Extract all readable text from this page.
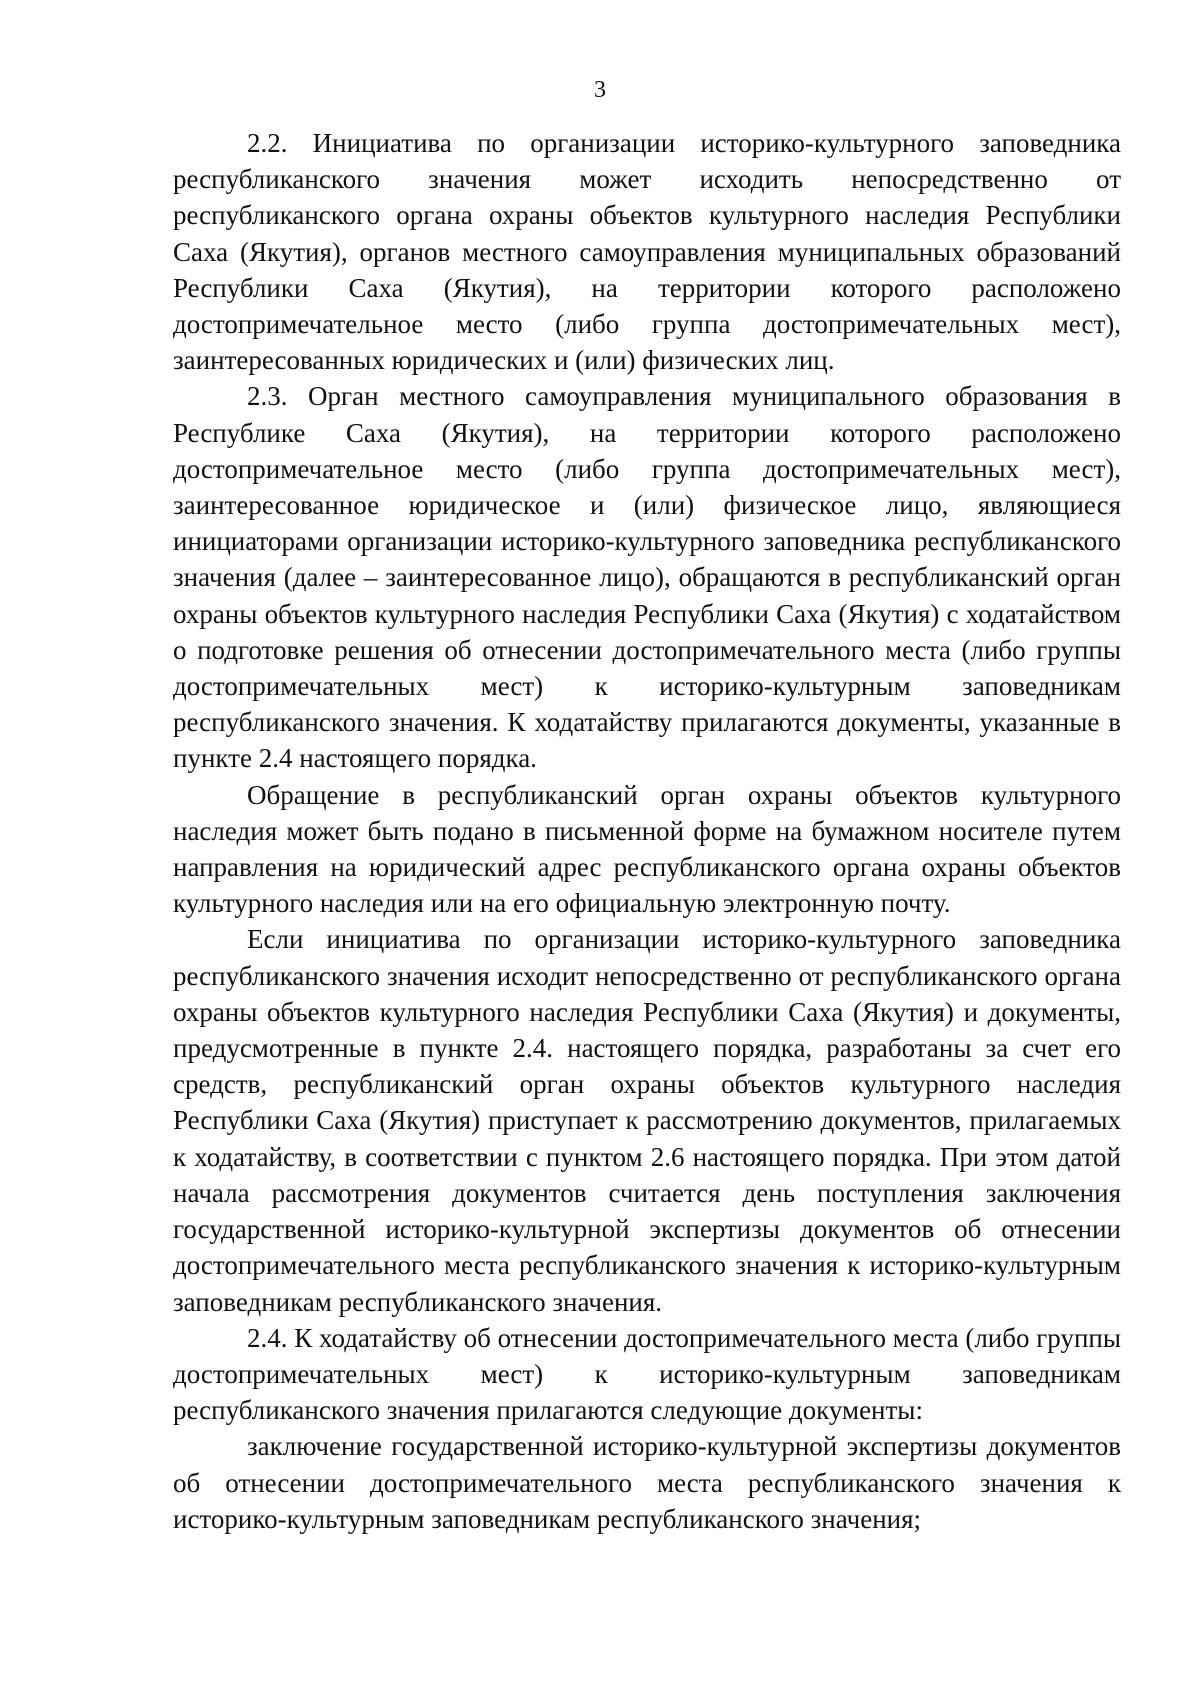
3

2.2. Инициатива по организации историко-культурного заповедника республиканского значения может исходить непосредственно от республиканского органа охраны объектов культурного наследия Республики Саха (Якутия), органов местного самоуправления муниципальных образований Республики Саха (Якутия), на территории которого расположено достопримечательное место (либо группа достопримечательных мест), заинтересованных юридических и (или) физических лиц.

2.3. Орган местного самоуправления муниципального образования в Республике Саха (Якутия), на территории которого расположено достопримечательное место (либо группа достопримечательных мест), заинтересованное юридическое и (или) физическое лицо, являющиеся инициаторами организации историко-культурного заповедника республиканского значения (далее – заинтересованное лицо), обращаются в республиканский орган охраны объектов культурного наследия Республики Саха (Якутия) с ходатайством о подготовке решения об отнесении достопримечательного места (либо группы достопримечательных мест) к историко-культурным заповедникам республиканского значения. К ходатайству прилагаются документы, указанные в пункте 2.4 настоящего порядка.

Обращение в республиканский орган охраны объектов культурного наследия может быть подано в письменной форме на бумажном носителе путем направления на юридический адрес республиканского органа охраны объектов культурного наследия или на его официальную электронную почту.

Если инициатива по организации историко-культурного заповедника республиканского значения исходит непосредственно от республиканского органа охраны объектов культурного наследия Республики Саха (Якутия) и документы, предусмотренные в пункте 2.4. настоящего порядка, разработаны за счет его средств, республиканский орган охраны объектов культурного наследия Республики Саха (Якутия) приступает к рассмотрению документов, прилагаемых к ходатайству, в соответствии с пунктом 2.6 настоящего порядка. При этом датой начала рассмотрения документов считается день поступления заключения государственной историко-культурной экспертизы документов об отнесении достопримечательного места республиканского значения к историко-культурным заповедникам республиканского значения.

2.4. К ходатайству об отнесении достопримечательного места (либо группы достопримечательных мест) к историко-культурным заповедникам республиканского значения прилагаются следующие документы:

заключение государственной историко-культурной экспертизы документов об отнесении достопримечательного места республиканского значения к историко-культурным заповедникам республиканского значения;
